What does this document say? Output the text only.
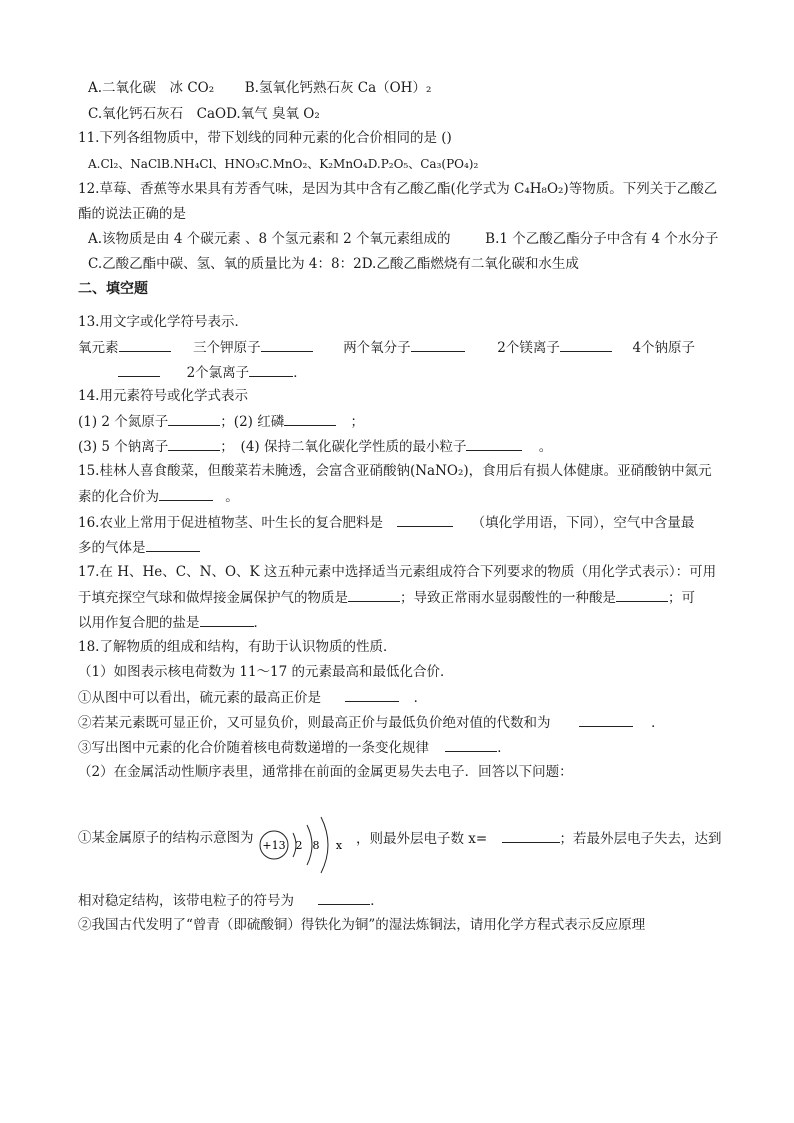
A.二氧化碳　冰 CO₂ B.氢氧化钙熟石灰 Ca（OH）₂
C.氧化钙石灰石　CaOD.氧气 臭氧 O₂
11.下列各组物质中，带下划线的同种元素的化合价相同的是 ()
A.Cl₂、NaClB.NH₄Cl、HNO₃C.MnO₂、K₂MnO₄D.P₂O₅、Ca₃(PO₄)₂
12.草莓、香蕉等水果具有芳香气味，是因为其中含有乙酸乙酯(化学式为 C₄H₈O₂)等物质。下列关于乙酸乙
酯的说法正确的是
A.该物质是由 4 个碳元素 、8 个氢元素和 2 个氧元素组成的	B.1 个乙酸乙酯分子中含有 4 个水分子
C.乙酸乙酯中碳、氢、氧的质量比为 4：8：2D.乙酸乙酯燃烧有二氧化碳和水生成
二、填空题
13.用文字或化学符号表示．
氧元素	三个钾原子	两个氧分子	2个镁离子	4个钠原子
2个氯离子	．
14.用元素符号或化学式表示
(1) 2 个氮原子	；(2) 红磷	；
(3) 5 个钠离子	；　(4) 保持二氧化碳化学性质的最小粒子	。
15.桂林人喜食酸菜，但酸菜若未腌透，会富含亚硝酸钠(NaNO₂)，食用后有损人体健康。亚硝酸钠中氮元
素的化合价为	。
16.农业上常用于促进植物茎、叶生长的复合肥料是	（填化学用语，下同），空气中含量最
多的气体是
17.在 H、He、C、N、O、K 这五种元素中选择适当元素组成符合下列要求的物质（用化学式表示）：可用
于填充探空气球和做焊接金属保护气的物质是	；导致正常雨水显弱酸性的一种酸是	；可
以用作复合肥的盐是	．
18.了解物质的组成和结构，有助于认识物质的性质．
（1）如图表示核电荷数为 11～17 的元素最高和最低化合价．
①从图中可以看出，硫元素的最高正价是	．
②若某元素既可显正价，又可显负价，则最高正价与最低负价绝对值的代数和为	．
③写出图中元素的化合价随着核电荷数递增的一条变化规律	．
（2）在金属活动性顺序表里，通常排在前面的金属更易失去电子．回答以下问题：
①某金属原子的结构示意图为 +13 2 8 x ，则最外层电子数 x=	；若最外层电子失去，达到
相对稳定结构，该带电粒子的符号为	．
②我国古代发明了“曾青（即硫酸铜）得铁化为铜”的湿法炼铜法，请用化学方程式表示反应原理
